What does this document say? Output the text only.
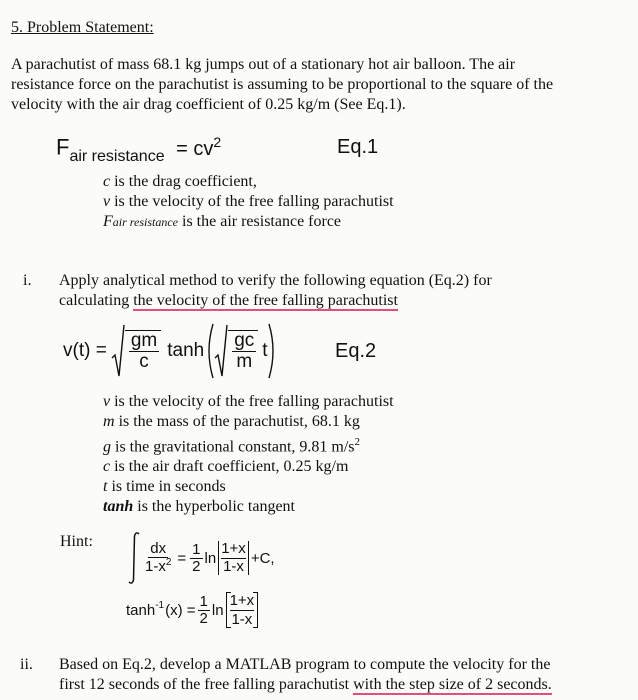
5. Problem Statement:
A parachutist of mass 68.1 kg jumps out of a stationary hot air balloon. The air
resistance force on the parachutist is assuming to be proportional to the square of the
velocity with the air drag coefficient of 0.25 kg/m (See Eq.1).
$F_{air resistance} = cv^2$	Eq.1
c is the drag coefficient,
v is the velocity of the free falling parachutist
Fair resistance is the air resistance force
i. Apply analytical method to verify the following equation (Eq.2) for
calculating the velocity of the free falling parachutist
$v(t) = \frac{gm}{c}$ $\tanh \frac{gc}{m}$ t	Eq.2
v is the velocity of the free falling parachutist
m is the mass of the parachutist, 68.1 kg
g is the gravitational constant, 9.81 $m/s^2$
c is the air draft coefficient, 0.25 kg/m
t is time in seconds
tanh is the hyperbolic tangent
Hint:	$\frac{dx}{1-x^2} = \frac{1}{2}$ ln
1+x
1-x +C,
$\tanh^{-1} (x) = \frac{1}{2}$ ln
1+x
1-x
ii. Based on Eq.2, develop a MATLAB program to compute the velocity for the
first 12 seconds of the free falling parachutist with the step size of 2 seconds.
